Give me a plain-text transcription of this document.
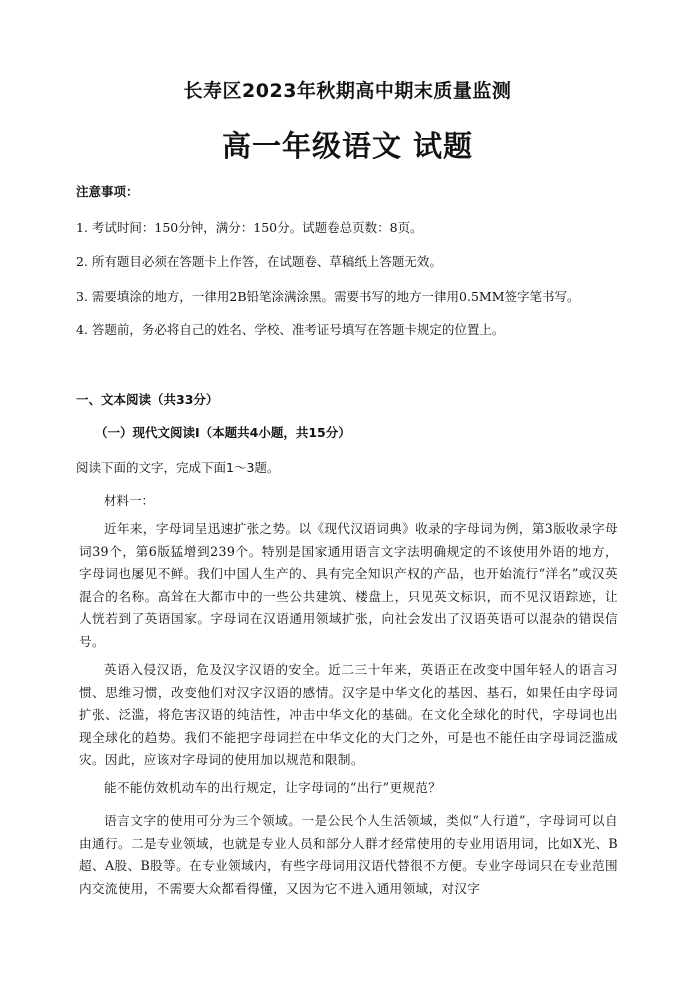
长寿区2023年秋期高中期末质量监测
高一年级语文 试题
注意事项：
1. 考试时间：150分钟，满分：150分。试题卷总页数：8页。
2. 所有题目必须在答题卡上作答，在试题卷、草稿纸上答题无效。
3. 需要填涂的地方，一律用2B铅笔涂满涂黑。需要书写的地方一律用0.5MM签字笔书写。
4. 答题前，务必将自己的姓名、学校、准考证号填写在答题卡规定的位置上。
一、文本阅读（共33分）
（一）现代文阅读Ⅰ（本题共4小题，共15分）
阅读下面的文字，完成下面1～3题。
材料一：
近年来，字母词呈迅速扩张之势。以《现代汉语词典》收录的字母词为例，第3版收录字母词39个，第6版猛增到239个。特别是国家通用语言文字法明确规定的不该使用外语的地方，字母词也屡见不鲜。我们中国人生产的、具有完全知识产权的产品，也开始流行“洋名”或汉英混合的名称。高耸在大都市中的一些公共建筑、楼盘上，只见英文标识，而不见汉语踪迹，让人恍若到了英语国家。字母词在汉语通用领域扩张，向社会发出了汉语英语可以混杂的错误信号。
英语入侵汉语，危及汉字汉语的安全。近二三十年来，英语正在改变中国年轻人的语言习惯、思维习惯，改变他们对汉字汉语的感情。汉字是中华文化的基因、基石，如果任由字母词扩张、泛滥，将危害汉语的纯洁性，冲击中华文化的基础。在文化全球化的时代，字母词也出现全球化的趋势。我们不能把字母词拦在中华文化的大门之外，可是也不能任由字母词泛滥成灾。因此，应该对字母词的使用加以规范和限制。
能不能仿效机动车的出行规定，让字母词的“出行”更规范？
语言文字的使用可分为三个领域。一是公民个人生活领域，类似“人行道”，字母词可以自由通行。二是专业领域，也就是专业人员和部分人群才经常使用的专业用语用词，比如X光、B超、A股、B股等。在专业领域内，有些字母词用汉语代替很不方便。专业字母词只在专业范围内交流使用，不需要大众都看得懂，又因为它不进入通用领域，对汉字
